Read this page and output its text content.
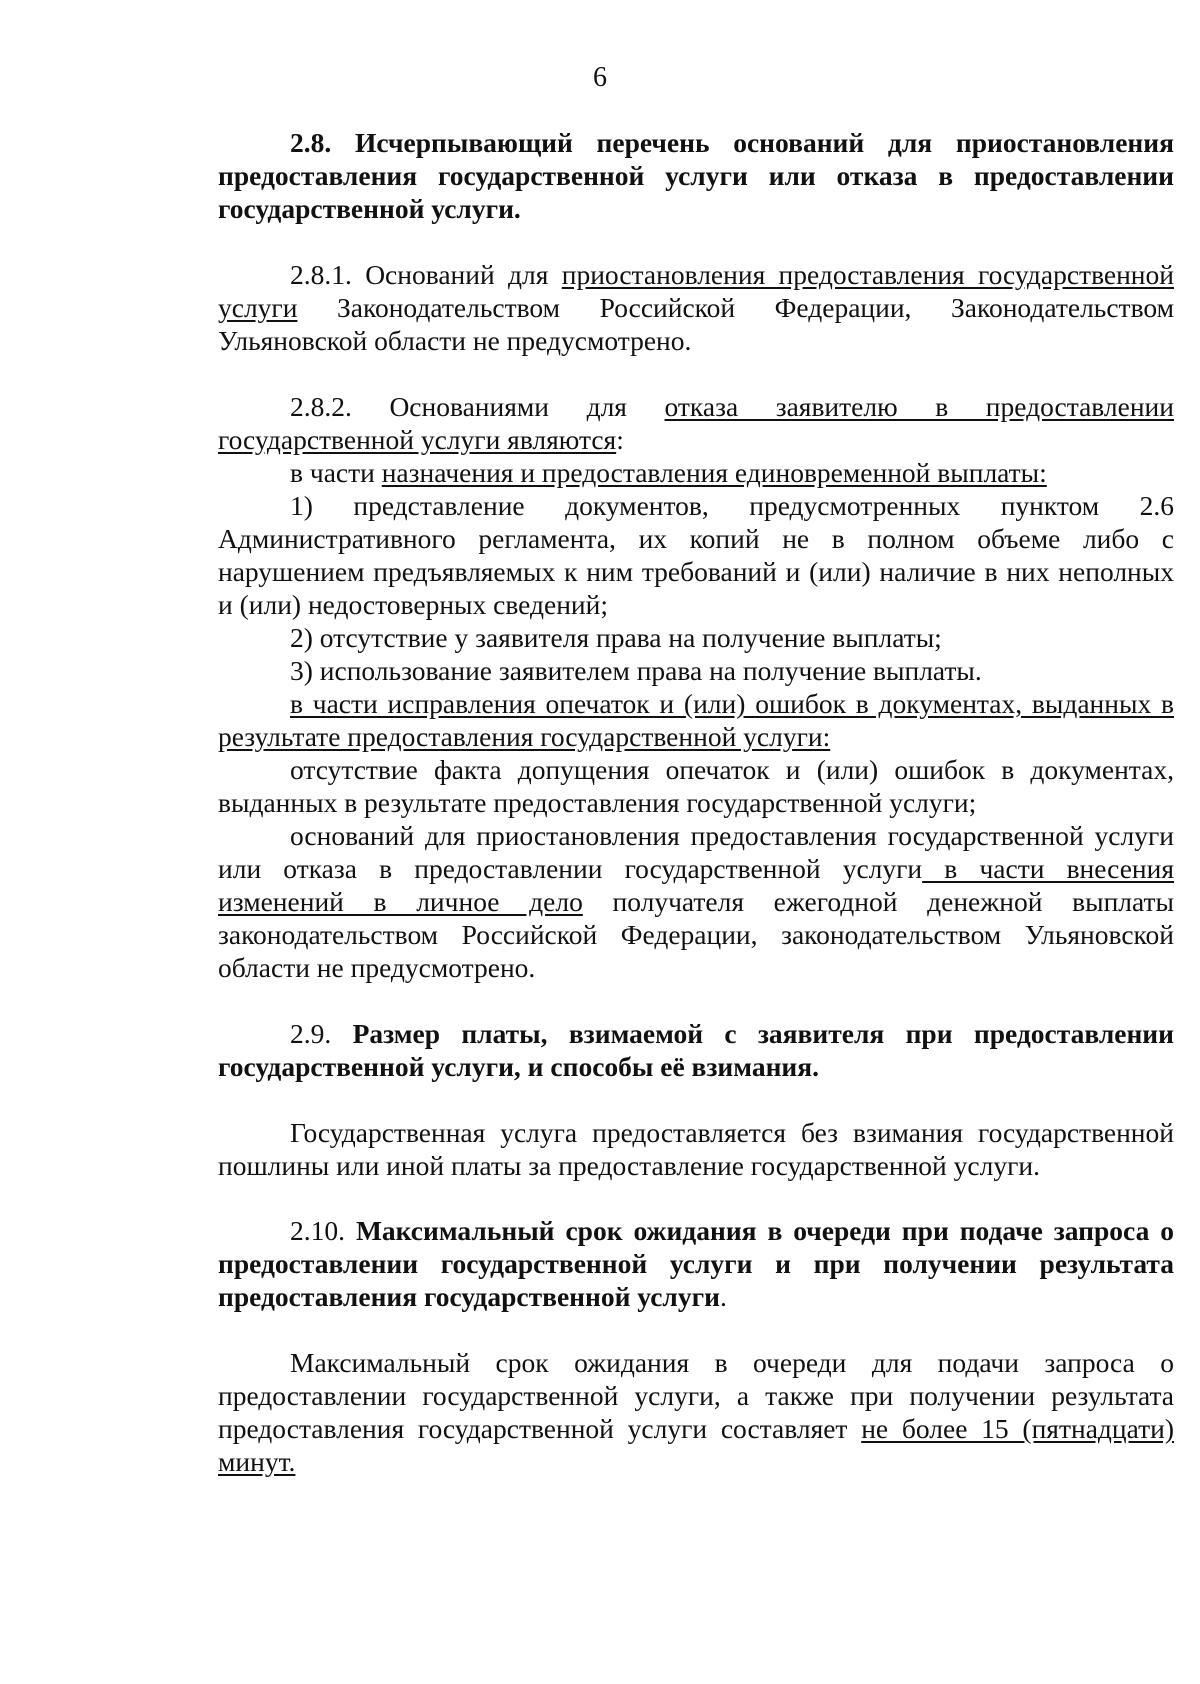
6

2.8. Исчерпывающий перечень оснований для приостановления предоставления государственной услуги или отказа в предоставлении государственной услуги.

2.8.1. Оснований для приостановления предоставления государственной услуги Законодательством Российской Федерации, Законодательством Ульяновской области не предусмотрено.

2.8.2. Основаниями для отказа заявителю в предоставлении государственной услуги являются:

в части назначения и предоставления единовременной выплаты:

1) представление документов, предусмотренных пунктом 2.6 Административного регламента, их копий не в полном объеме либо с нарушением предъявляемых к ним требований и (или) наличие в них неполных и (или) недостоверных сведений;

2) отсутствие у заявителя права на получение выплаты;

3) использование заявителем права на получение выплаты.

в части исправления опечаток и (или) ошибок в документах, выданных в результате предоставления государственной услуги:

отсутствие факта допущения опечаток и (или) ошибок в документах, выданных в результате предоставления государственной услуги;

оснований для приостановления предоставления государственной услуги или отказа в предоставлении государственной услуги в части внесения изменений в личное дело получателя ежегодной денежной выплаты законодательством Российской Федерации, законодательством Ульяновской области не предусмотрено.

2.9. Размер платы, взимаемой с заявителя при предоставлении государственной услуги, и способы её взимания.

Государственная услуга предоставляется без взимания государственной пошлины или иной платы за предоставление государственной услуги.

2.10. Максимальный срок ожидания в очереди при подаче запроса о предоставлении государственной услуги и при получении результата предоставления государственной услуги.

Максимальный срок ожидания в очереди для подачи запроса о предоставлении государственной услуги, а также при получении результата предоставления государственной услуги составляет не более 15 (пятнадцати) минут.
